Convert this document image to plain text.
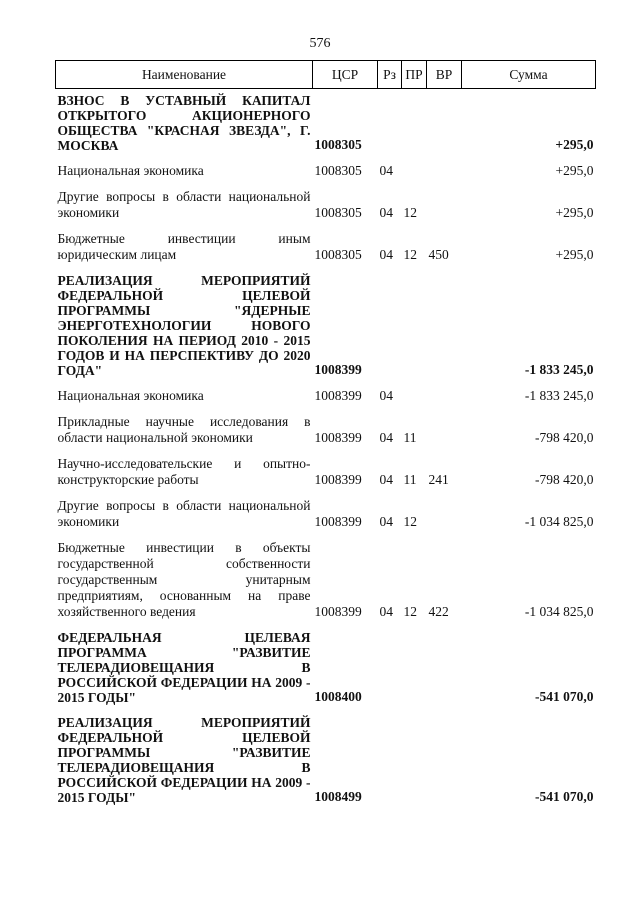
576
Наименование	ЦСР	Рз	ПР	ВР	Сумма
ВЗНОС В УСТАВНЫЙ КАПИТАЛ ОТКРЫТОГО АКЦИОНЕРНОГО ОБЩЕСТВА "КРАСНАЯ ЗВЕЗДА", Г. МОСКВА	1008305				+295,0
Национальная экономика	1008305	04			+295,0
Другие вопросы в области национальной экономики	1008305	04	12		+295,0
Бюджетные инвестиции иным юридическим лицам	1008305	04	12	450	+295,0
РЕАЛИЗАЦИЯ МЕРОПРИЯТИЙ ФЕДЕРАЛЬНОЙ ЦЕЛЕВОЙ ПРОГРАММЫ "ЯДЕРНЫЕ ЭНЕРГОТЕХНОЛОГИИ НОВОГО ПОКОЛЕНИЯ НА ПЕРИОД 2010 - 2015 ГОДОВ И НА ПЕРСПЕКТИВУ ДО 2020 ГОДА"	1008399				-1 833 245,0
Национальная экономика	1008399	04			-1 833 245,0
Прикладные научные исследования в области национальной экономики	1008399	04	11		-798 420,0
Научно-исследовательские и опытно-конструкторские работы	1008399	04	11	241	-798 420,0
Другие вопросы в области национальной экономики	1008399	04	12		-1 034 825,0
Бюджетные инвестиции в объекты государственной собственности государственным унитарным предприятиям, основанным на праве хозяйственного ведения	1008399	04	12	422	-1 034 825,0
ФЕДЕРАЛЬНАЯ ЦЕЛЕВАЯ ПРОГРАММА "РАЗВИТИЕ ТЕЛЕРАДИОВЕЩАНИЯ В РОССИЙСКОЙ ФЕДЕРАЦИИ НА 2009 - 2015 ГОДЫ"	1008400				-541 070,0
РЕАЛИЗАЦИЯ МЕРОПРИЯТИЙ ФЕДЕРАЛЬНОЙ ЦЕЛЕВОЙ ПРОГРАММЫ "РАЗВИТИЕ ТЕЛЕРАДИОВЕЩАНИЯ В РОССИЙСКОЙ ФЕДЕРАЦИИ НА 2009 - 2015 ГОДЫ"	1008499				-541 070,0
